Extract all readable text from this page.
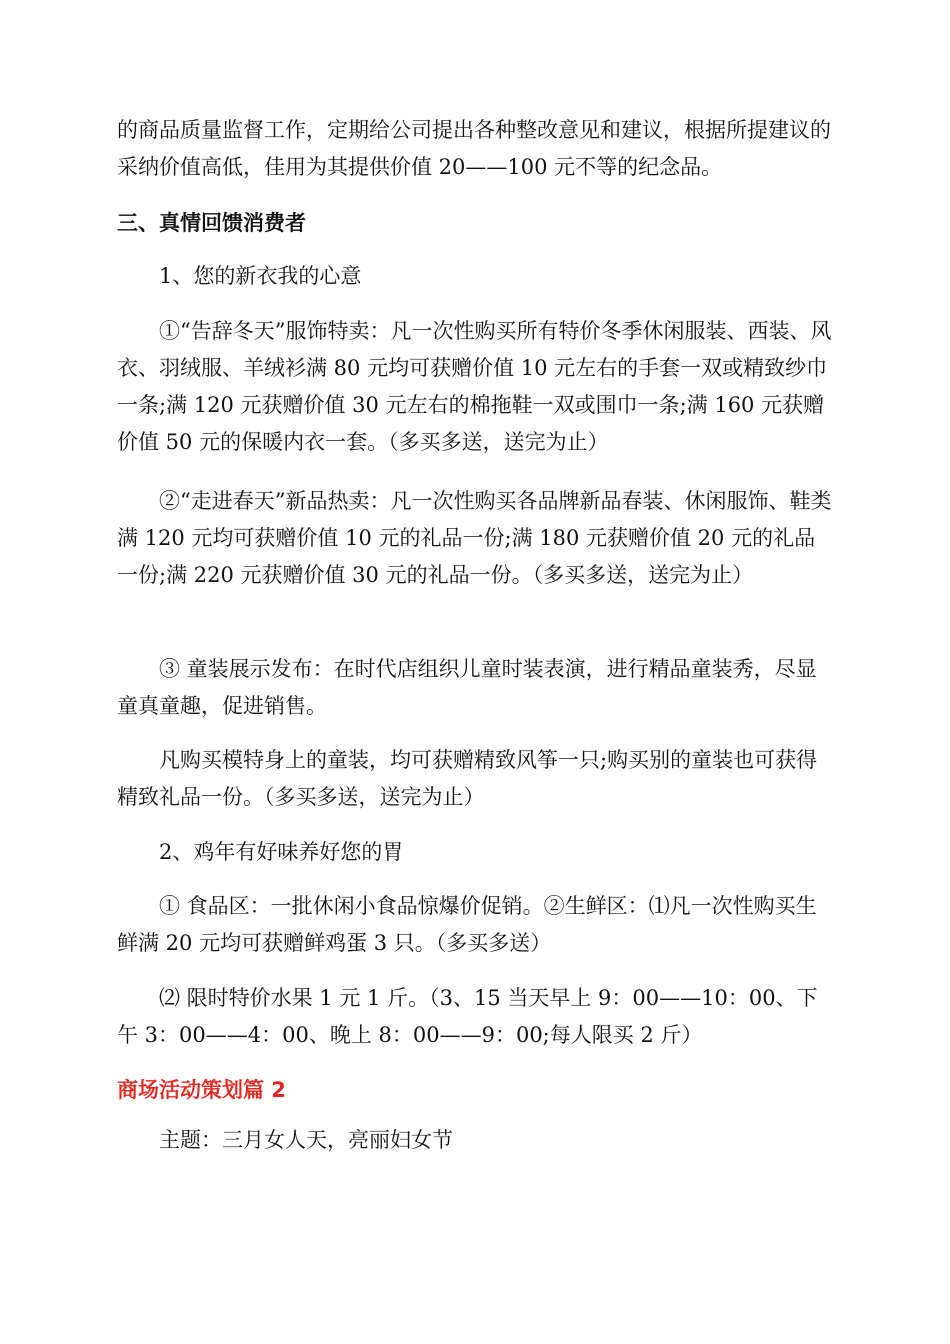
的商品质量监督工作，定期给公司提出各种整改意见和建议，根据所提建议的采纳价值高低，佳用为其提供价值 20——100 元不等的纪念品。

三、真情回馈消费者

1、您的新衣我的心意

①“告辞冬天”服饰特卖：凡一次性购买所有特价冬季休闲服装、西装、风衣、羽绒服、羊绒衫满 80 元均可获赠价值 10 元左右的手套一双或精致纱巾一条;满 120 元获赠价值 30 元左右的棉拖鞋一双或围巾一条;满 160 元获赠价值 50 元的保暖内衣一套。（多买多送，送完为止）

②“走进春天”新品热卖：凡一次性购买各品牌新品春装、休闲服饰、鞋类满 120 元均可获赠价值 10 元的礼品一份;满 180 元获赠价值 20 元的礼品一份;满 220 元获赠价值 30 元的礼品一份。（多买多送，送完为止）

③ 童装展示发布：在时代店组织儿童时装表演，进行精品童装秀，尽显童真童趣，促进销售。

凡购买模特身上的童装，均可获赠精致风筝一只;购买别的童装也可获得精致礼品一份。（多买多送，送完为止）

2、鸡年有好味养好您的胃

① 食品区：一批休闲小食品惊爆价促销。②生鲜区：⑴凡一次性购买生鲜满 20 元均可获赠鲜鸡蛋 3 只。（多买多送）

⑵ 限时特价水果 1 元 1 斤。（3、15 当天早上 9：00——10：00、下午 3：00——4：00、晚上 8：00——9：00;每人限买 2 斤）

商场活动策划篇 2

主题：三月女人天，亮丽妇女节
